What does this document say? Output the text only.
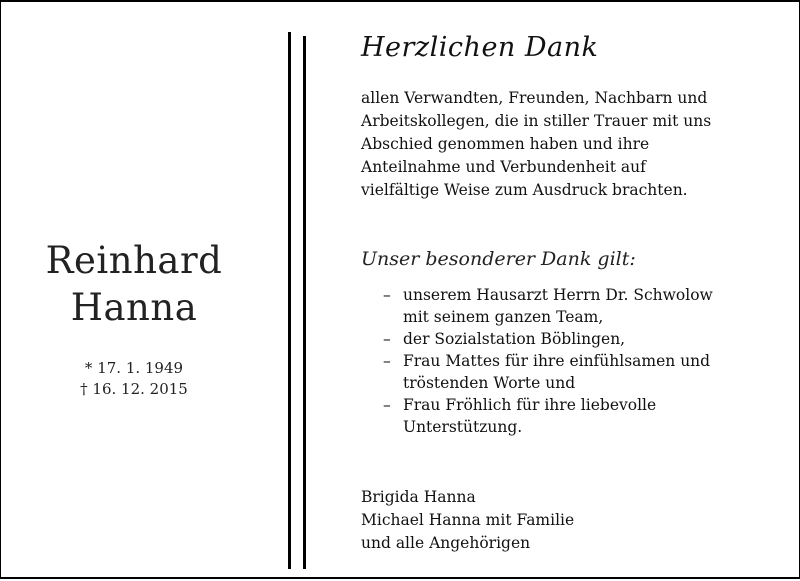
Reinhard
Hanna
* 17. 1. 1949
† 16. 12. 2015
Herzlichen Dank
allen Verwandten, Freunden, Nachbarn und
Arbeitskollegen, die in stiller Trauer mit uns
Abschied genommen haben und ihre
Anteilnahme und Verbundenheit auf
vielfältige Weise zum Ausdruck brachten.
Unser besonderer Dank gilt:
– unserem Hausarzt Herrn Dr. Schwolow
mit seinem ganzen Team,
– der Sozialstation Böblingen,
– Frau Mattes für ihre einfühlsamen und
tröstenden Worte und
– Frau Fröhlich für ihre liebevolle
Unterstützung.
Brigida Hanna
Michael Hanna mit Familie
und alle Angehörigen
